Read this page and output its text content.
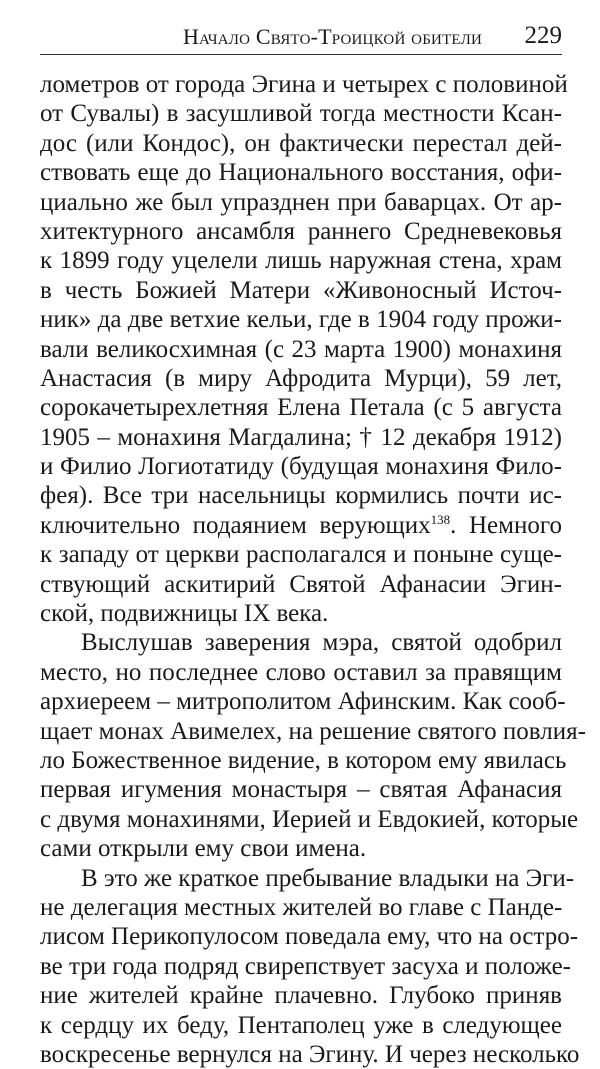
Начало Свято-Троицкой обители 229
лометров от города Эгина и четырех с половиной
от Сувалы) в засушливой тогда местности Ксан-
дос (или Кондос), он фактически перестал дей-
ствовать еще до Национального восстания, офи-
циально же был упразднен при баварцах. От ар-
хитектурного ансамбля раннего Средневековья
к 1899 году уцелели лишь наружная стена, храм
в честь Божией Матери «Живоносный Источ-
ник» да две ветхие кельи, где в 1904 году прожи-
вали великосхимная (с 23 марта 1900) монахиня
Анастасия (в миру Афродита Мурци), 59 лет,
сорокачетырехлетняя Елена Петала (с 5 августа
1905 – монахиня Магдалина; † 12 декабря 1912)
и Филио Логиотатиду (будущая монахиня Фило-
фея). Все три насельницы кормились почти ис-
ключительно подаянием верующих$^{138}$. Немного
к западу от церкви располагался и поныне суще-
ствующий аскитирий Святой Афанасии Эгин-
ской, подвижницы IX века.
Выслушав заверения мэра, святой одобрил
место, но последнее слово оставил за правящим
архиереем – митрополитом Афинским. Как сооб-
щает монах Авимелех, на решение святого повлия-
ло Божественное видение, в котором ему явилась
первая игумения монастыря – святая Афанасия
с двумя монахинями, Иерией и Евдокией, которые
сами открыли ему свои имена.
В это же краткое пребывание владыки на Эги-
не делегация местных жителей во главе с Панде-
лисом Перикопулосом поведала ему, что на остро-
ве три года подряд свирепствует засуха и положе-
ние жителей крайне плачевно. Глубоко приняв
к сердцу их беду, Пентаполец уже в следующее
воскресенье вернулся на Эгину. И через несколько
